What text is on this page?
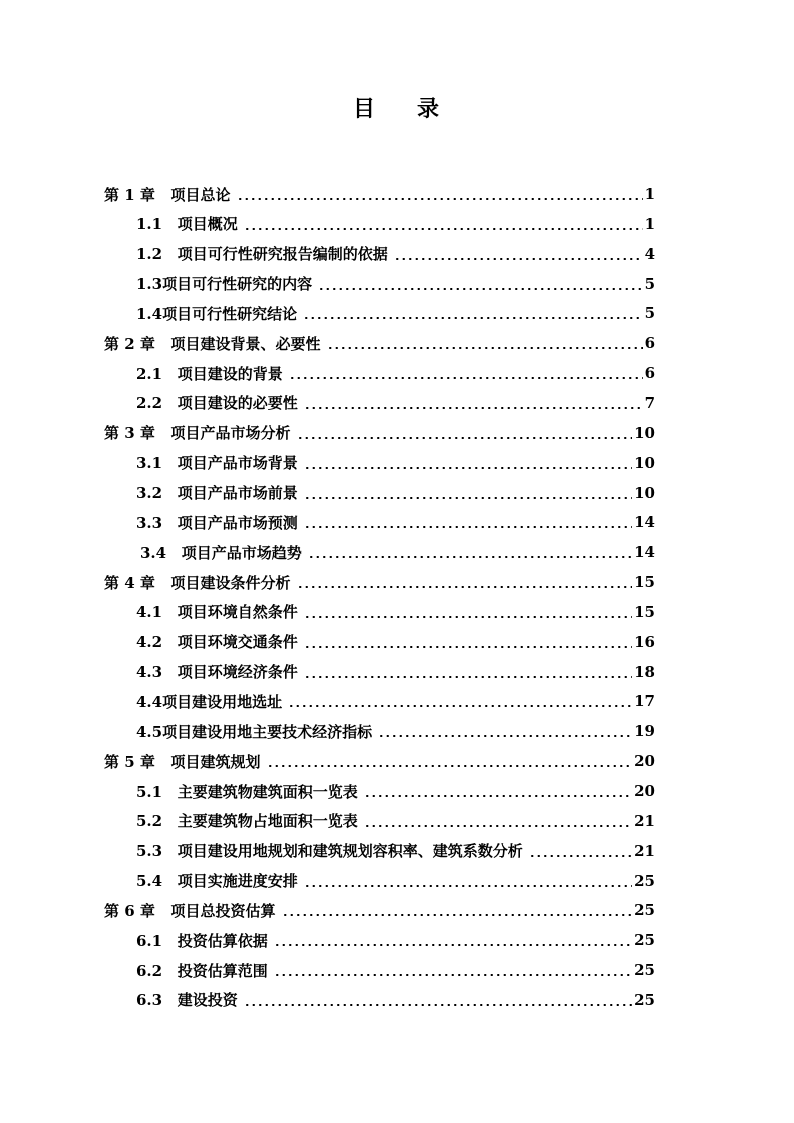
目 录
第 1 章   项目总论	1
1.1   项目概况	1
1.2   项目可行性研究报告编制的依据	4
1.3项目可行性研究的内容	5
1.4项目可行性研究结论	5
第 2 章   项目建设背景、必要性	6
2.1   项目建设的背景	6
2.2   项目建设的必要性	7
第 3 章   项目产品市场分析	10
3.1   项目产品市场背景	10
3.2   项目产品市场前景	10
3.3   项目产品市场预测	14
3.4   项目产品市场趋势	14
第 4 章   项目建设条件分析	15
4.1   项目环境自然条件	15
4.2   项目环境交通条件	16
4.3   项目环境经济条件	18
4.4项目建设用地选址	17
4.5项目建设用地主要技术经济指标	19
第 5 章   项目建筑规划	20
5.1   主要建筑物建筑面积一览表	20
5.2   主要建筑物占地面积一览表	21
5.3   项目建设用地规划和建筑规划容积率、建筑系数分析	21
5.4   项目实施进度安排	25
第 6 章   项目总投资估算	25
6.1   投资估算依据	25
6.2   投资估算范围	25
6.3   建设投资	25
